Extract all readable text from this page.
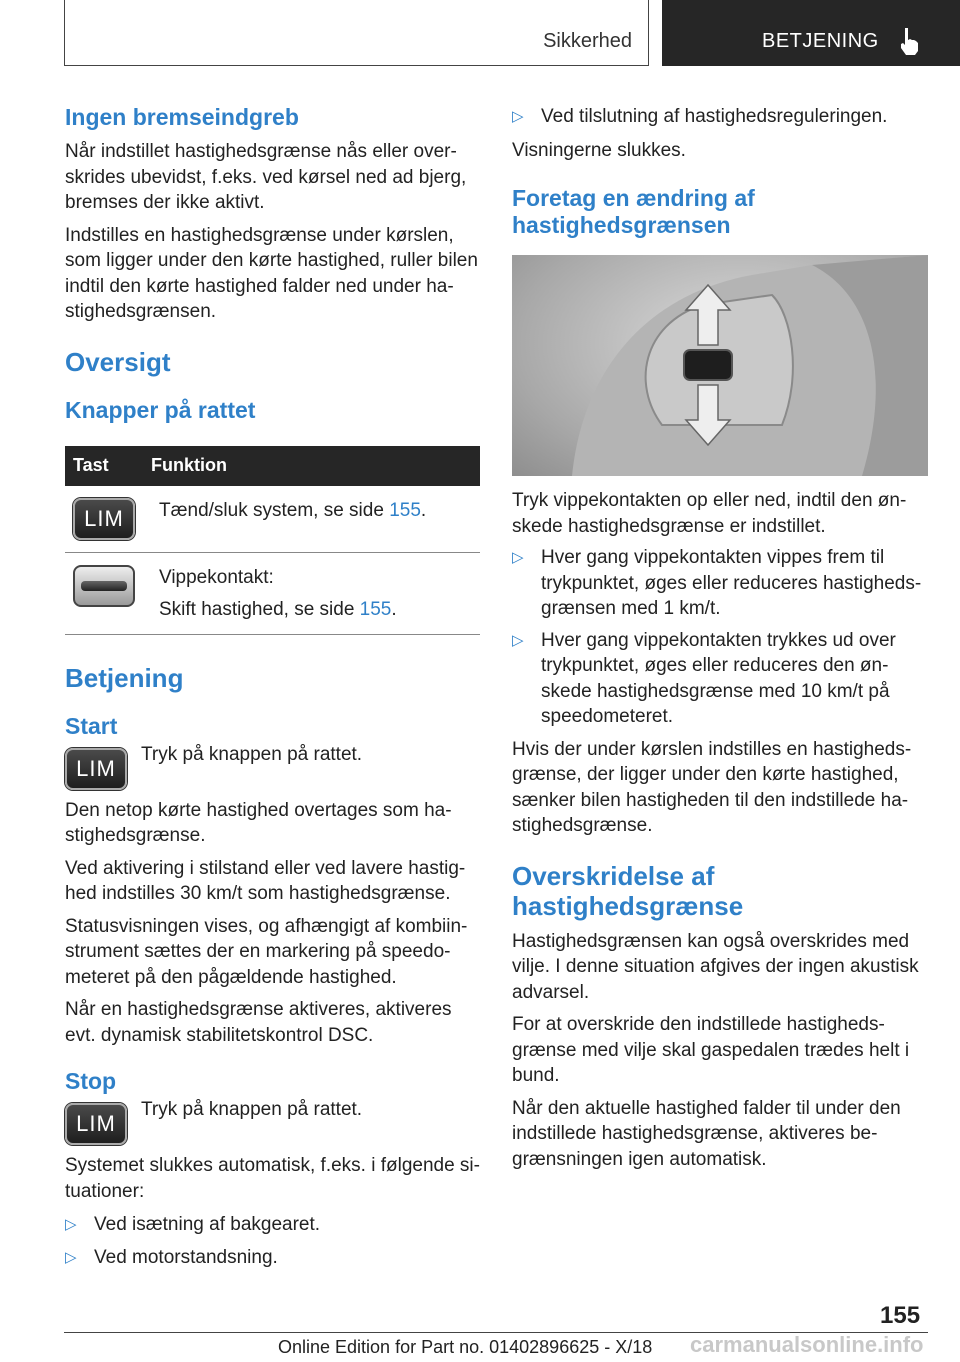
Sikkerhed	BETJENING
Ingen bremseindgreb

Når indstillet hastighedsgrænse nås eller over-skrides ubevidst, f.eks. ved kørsel ned ad bjerg, bremses der ikke aktivt.

Indstilles en hastighedsgrænse under kørslen, som ligger under den kørte hastighed, ruller bilen indtil den kørte hastighed falder ned under ha-stighedsgrænsen.

Oversigt
Knapper på rattet
Tast	Funktion

LIM	Tænd/sluk system, se side 155.

	Vippekontakt:
Skift hastighed, se side 155.
Betjening
Start
LIM

Tryk på knappen på rattet.

Den netop kørte hastighed overtages som ha-stighedsgrænse.

Ved aktivering i stilstand eller ved lavere hastig-hed indstilles 30 km/t som hastighedsgrænse.

Statusvisningen vises, og afhængigt af kombiin-strument sættes der en markering på speedo-meteret på den pågældende hastighed.

Når en hastighedsgrænse aktiveres, aktiveres evt. dynamisk stabilitetskontrol DSC.

Stop
LIM

Tryk på knappen på rattet.

Systemet slukkes automatisk, f.eks. i følgende si-tuationer:

▷ Ved isætning af bakgearet.
▷ Ved motorstandsning.
▷ Ved tilslutning af hastighedsreguleringen.

Visningerne slukkes.

Foretag en ændring af hastighedsgrænsen

Tryk vippekontakten op eller ned, indtil den øn-skede hastighedsgrænse er indstillet.

▷ Hver gang vippekontakten vippes frem til trykpunktet, øges eller reduceres hastigheds-grænsen med 1 km/t.
▷ Hver gang vippekontakten trykkes ud over trykpunktet, øges eller reduceres den øn-skede hastighedsgrænse med 10 km/t på speedometeret.

Hvis der under kørslen indstilles en hastigheds-grænse, der ligger under den kørte hastighed, sænker bilen hastigheden til den indstillede ha-stighedsgrænse.

Overskridelse af hastighedsgrænse

Hastighedsgrænsen kan også overskrides med vilje. I denne situation afgives der ingen akustisk advarsel.

For at overskride den indstillede hastigheds-grænse med vilje skal gaspedalen trædes helt i bund.

Når den aktuelle hastighed falder til under den indstillede hastighedsgrænse, aktiveres be-grænsningen igen automatisk.

155
Online Edition for Part no. 01402896625 - X/18 carmanualsonline.info
